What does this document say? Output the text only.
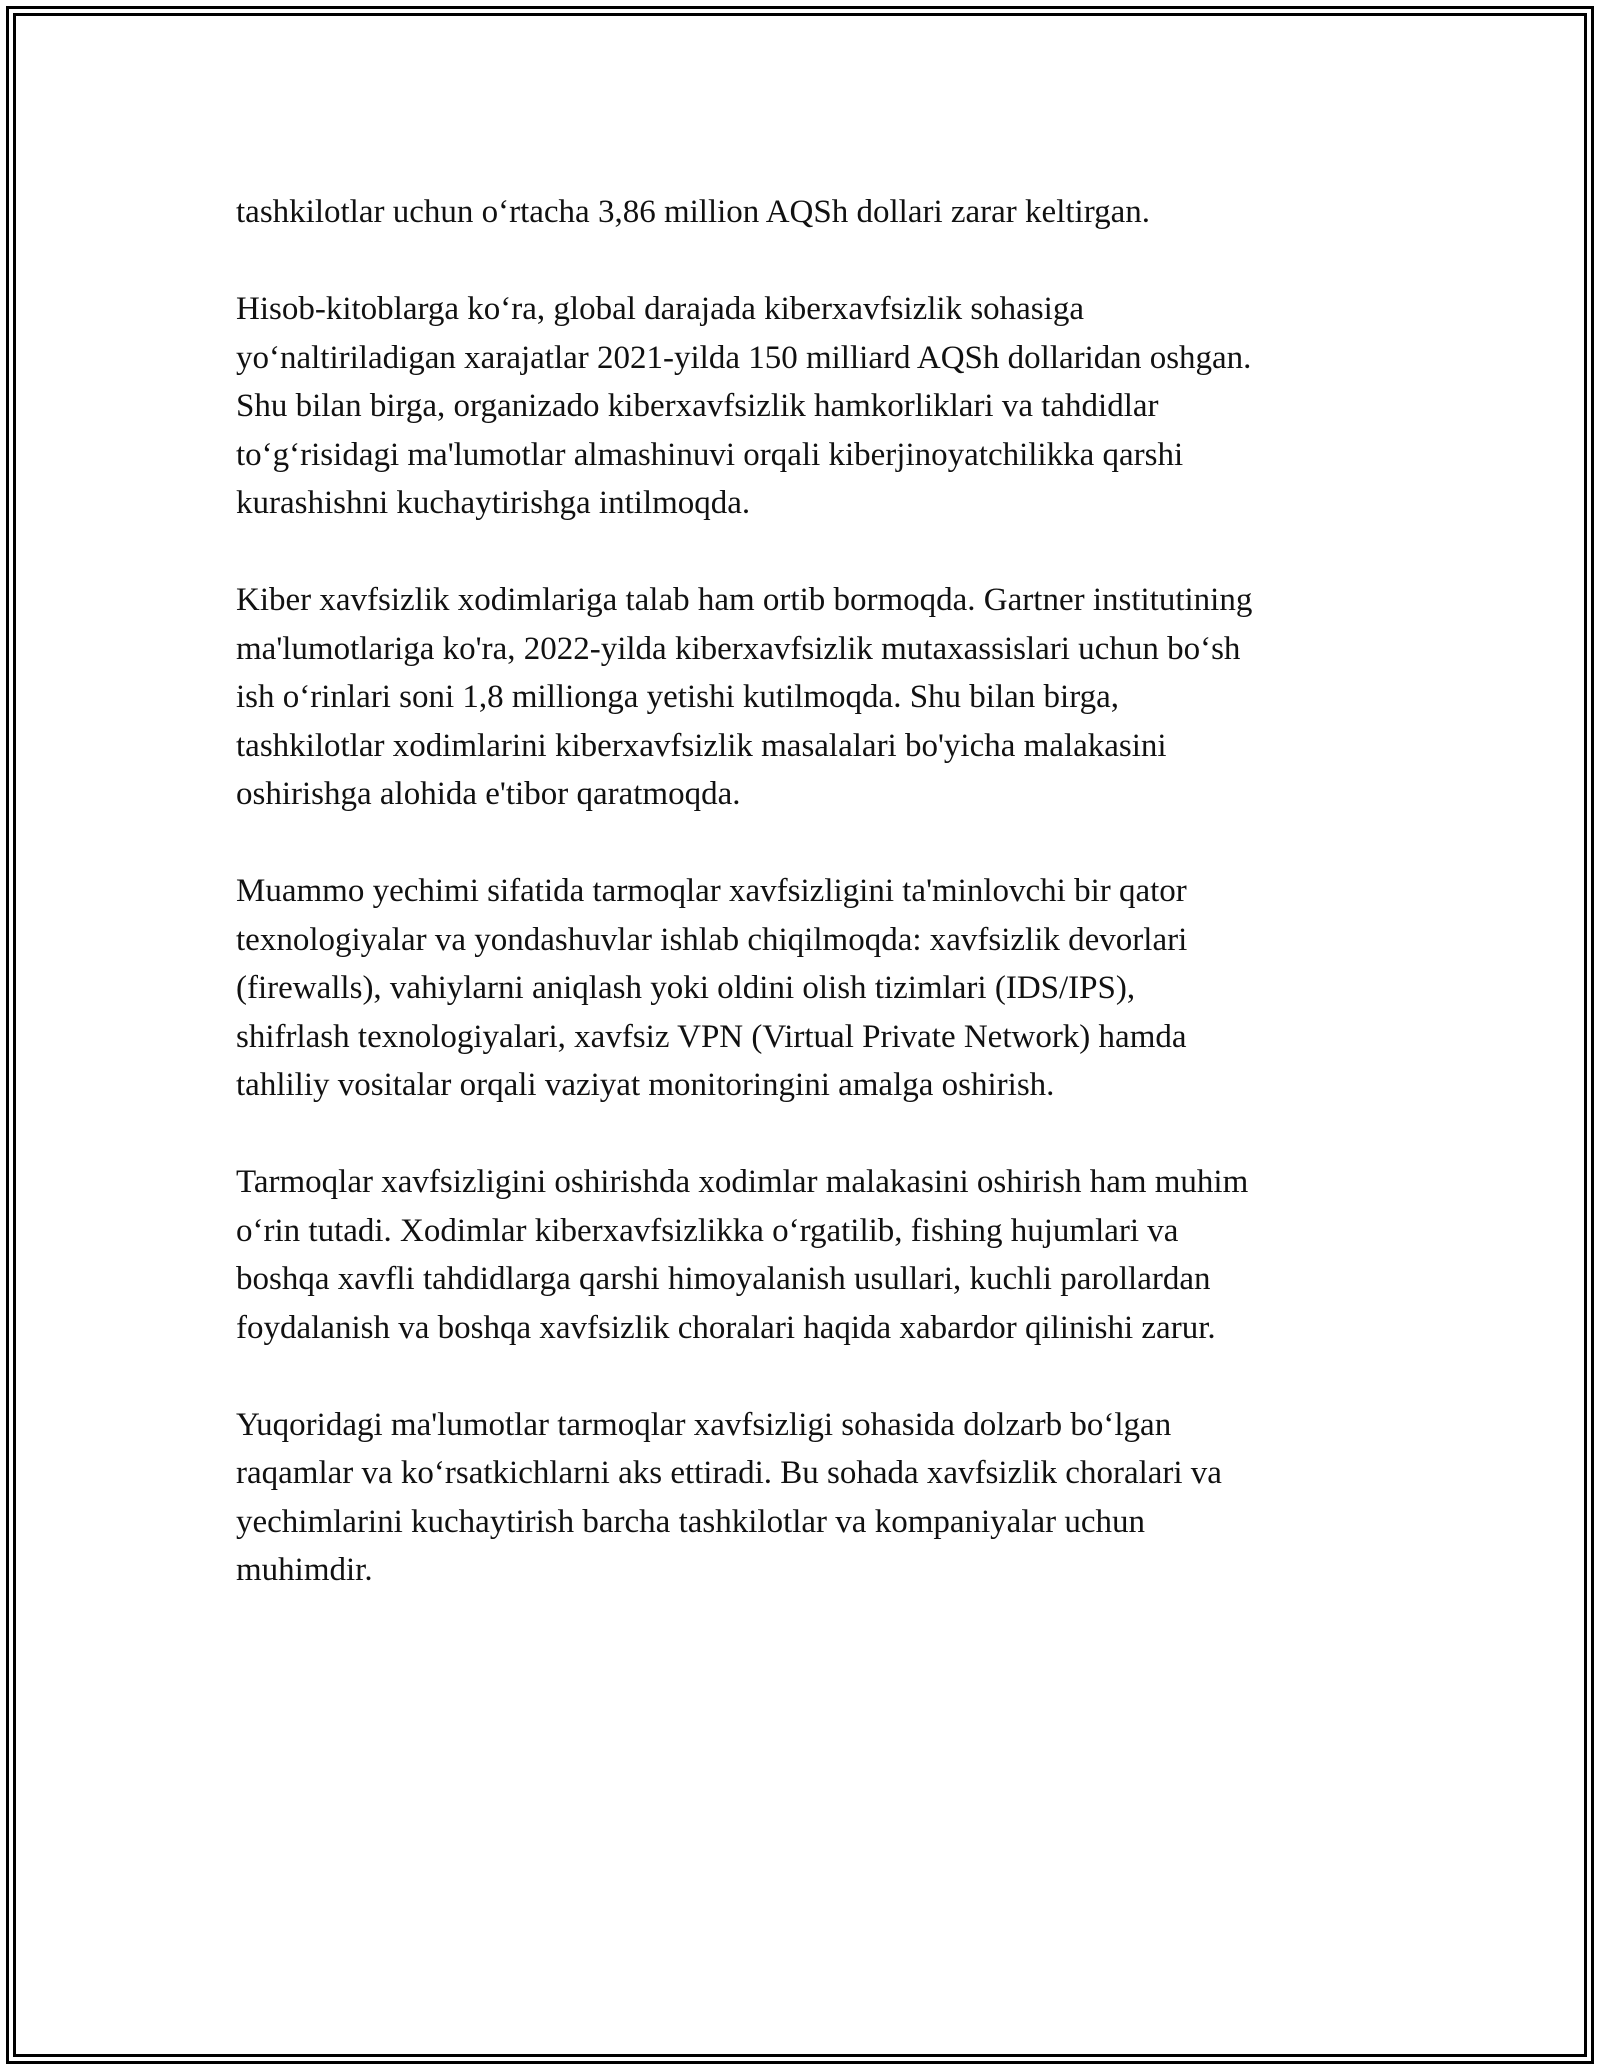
tashkilotlar uchun oʻrtacha 3,86 million AQSh dollari zarar keltirgan.

Hisob-kitoblarga koʻra, global darajada kiberxavfsizlik sohasiga
yoʻnaltiriladigan xarajatlar 2021-yilda 150 milliard AQSh dollaridan oshgan.
Shu bilan birga, organizado kiberxavfsizlik hamkorliklari va tahdidlar
toʻgʻrisidagi ma'lumotlar almashinuvi orqali kiberjinoyatchilikka qarshi
kurashishni kuchaytirishga intilmoqda.

Kiber xavfsizlik xodimlariga talab ham ortib bormoqda. Gartner institutining
ma'lumotlariga ko'ra, 2022-yilda kiberxavfsizlik mutaxassislari uchun boʻsh
ish oʻrinlari soni 1,8 millionga yetishi kutilmoqda. Shu bilan birga,
tashkilotlar xodimlarini kiberxavfsizlik masalalari bo'yicha malakasini
oshirishga alohida e'tibor qaratmoqda.

Muammo yechimi sifatida tarmoqlar xavfsizligini ta'minlovchi bir qator
texnologiyalar va yondashuvlar ishlab chiqilmoqda: xavfsizlik devorlari
(firewalls), vahiylarni aniqlash yoki oldini olish tizimlari (IDS/IPS),
shifrlash texnologiyalari, xavfsiz VPN (Virtual Private Network) hamda
tahliliy vositalar orqali vaziyat monitoringini amalga oshirish.

Tarmoqlar xavfsizligini oshirishda xodimlar malakasini oshirish ham muhim
oʻrin tutadi. Xodimlar kiberxavfsizlikka oʻrgatilib, fishing hujumlari va
boshqa xavfli tahdidlarga qarshi himoyalanish usullari, kuchli parollardan
foydalanish va boshqa xavfsizlik choralari haqida xabardor qilinishi zarur.

Yuqoridagi ma'lumotlar tarmoqlar xavfsizligi sohasida dolzarb boʻlgan
raqamlar va koʻrsatkichlarni aks ettiradi. Bu sohada xavfsizlik choralari va
yechimlarini kuchaytirish barcha tashkilotlar va kompaniyalar uchun
muhimdir.
